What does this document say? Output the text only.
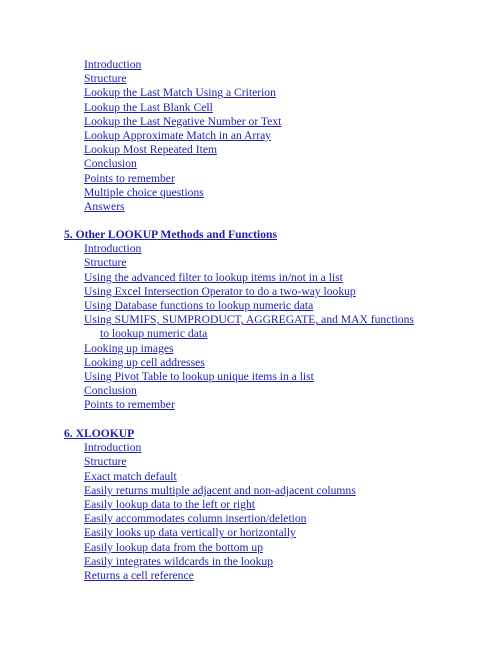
Introduction
Structure
Lookup the Last Match Using a Criterion
Lookup the Last Blank Cell
Lookup the Last Negative Number or Text
Lookup Approximate Match in an Array
Lookup Most Repeated Item
Conclusion
Points to remember
Multiple choice questions
Answers
5. Other LOOKUP Methods and Functions
Introduction
Structure
Using the advanced filter to lookup items in/not in a list
Using Excel Intersection Operator to do a two-way lookup
Using Database functions to lookup numeric data
Using SUMIFS, SUMPRODUCT, AGGREGATE, and MAX functions
to lookup numeric data
Looking up images
Looking up cell addresses
Using Pivot Table to lookup unique items in a list
Conclusion
Points to remember
6. XLOOKUP
Introduction
Structure
Exact match default
Easily returns multiple adjacent and non-adjacent columns
Easily lookup data to the left or right
Easily accommodates column insertion/deletion
Easily looks up data vertically or horizontally
Easily lookup data from the bottom up
Easily integrates wildcards in the lookup
Returns a cell reference
